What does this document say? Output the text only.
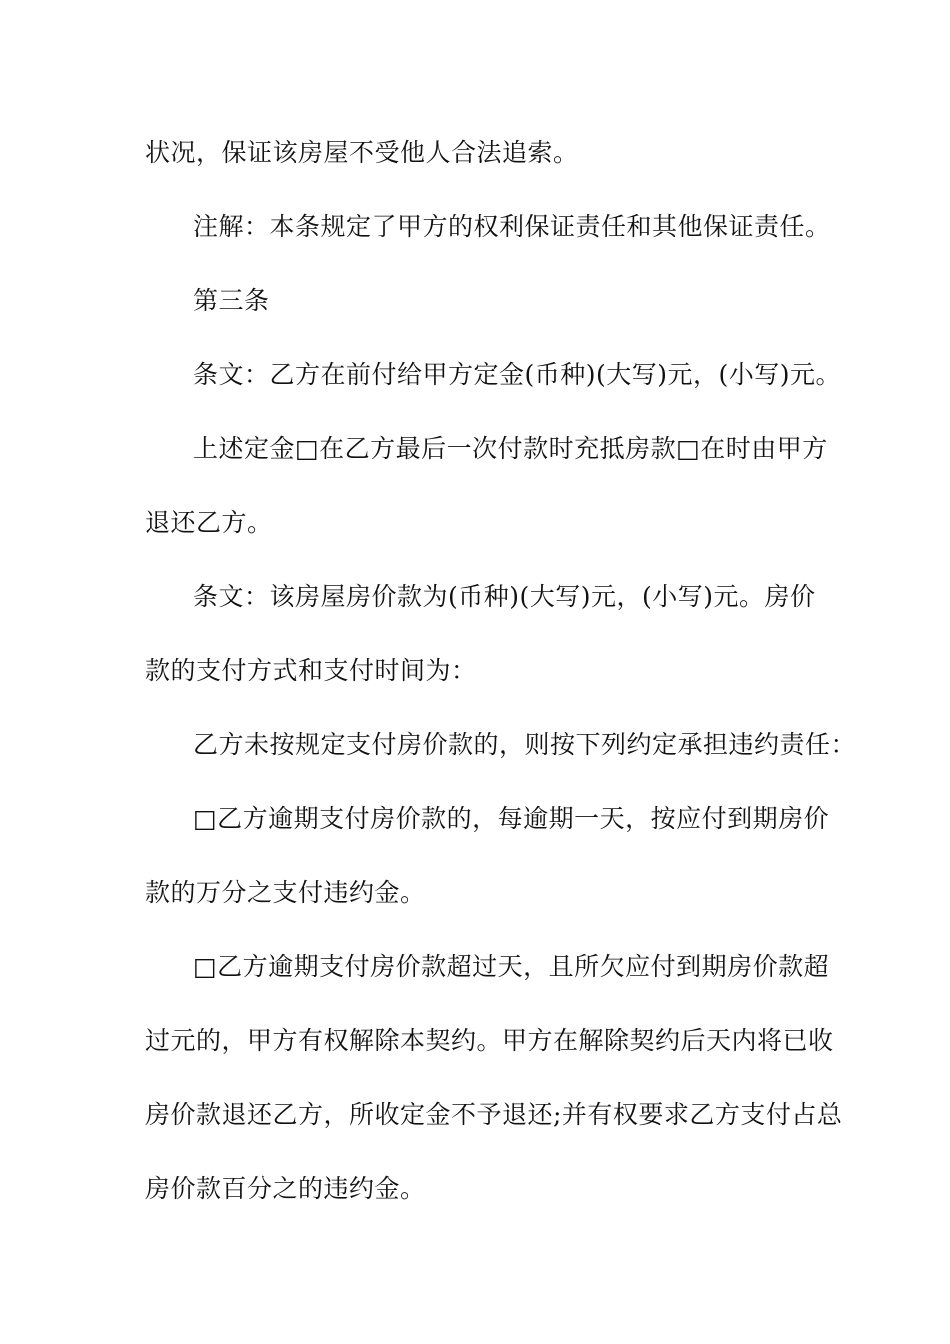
状况，保证该房屋不受他人合法追索。
注解：本条规定了甲方的权利保证责任和其他保证责任。
第三条
条文：乙方在前付给甲方定金(币种)(大写)元，(小写)元。
上述定金□在乙方最后一次付款时充抵房款□在时由甲方
退还乙方。
条文：该房屋房价款为(币种)(大写)元，(小写)元。房价
款的支付方式和支付时间为：
乙方未按规定支付房价款的，则按下列约定承担违约责任：
□乙方逾期支付房价款的，每逾期一天，按应付到期房价
款的万分之支付违约金。
□乙方逾期支付房价款超过天，且所欠应付到期房价款超
过元的，甲方有权解除本契约。甲方在解除契约后天内将已收
房价款退还乙方，所收定金不予退还;并有权要求乙方支付占总
房价款百分之的违约金。
